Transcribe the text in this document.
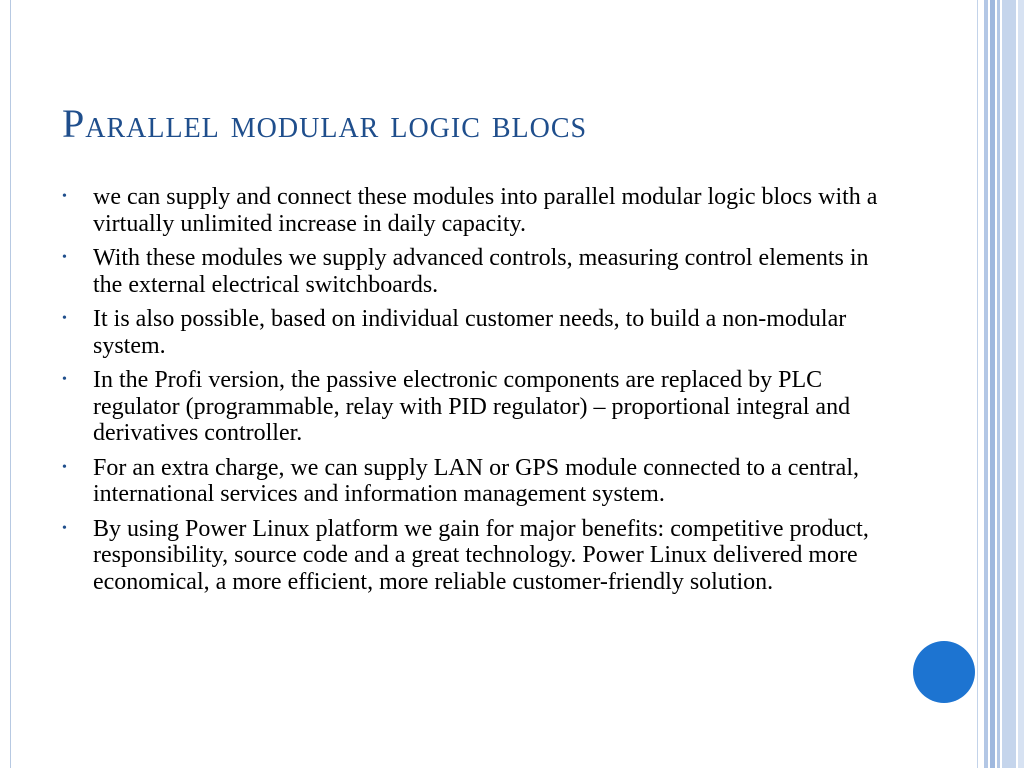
Parallel modular logic blocs
• we can supply and connect these modules into parallel modular logic blocs with a virtually unlimited increase in daily capacity.
• With these modules we supply advanced controls, measuring control elements in the external electrical switchboards.
• It is also possible, based on individual customer needs, to build a non-modular system.
• In the Profi version, the passive electronic components are replaced by PLC regulator (programmable, relay with PID regulator) – proportional integral and derivatives controller.
• For an extra charge, we can supply LAN or GPS module connected to a central, international services and information management system.
• By using Power Linux platform we gain for major benefits: competitive product, responsibility, source code and a great technology. Power Linux delivered more economical, a more efficient, more reliable customer-friendly solution.
